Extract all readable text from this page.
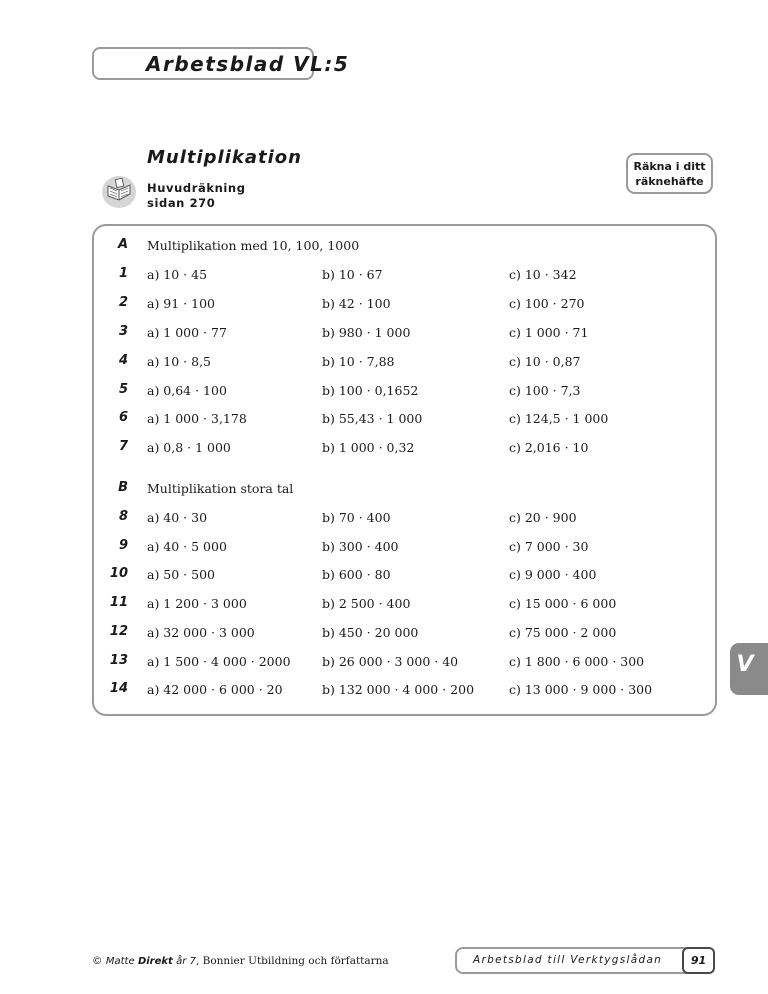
Arbetsblad VL:5
Multiplikation
Huvudräkning
sidan 270
Räkna i ditt
räknehäfte
A Multiplikation med 10, 100, 1000
1 a) 10 · 45	b) 10 · 67	c) 10 · 342
2 a) 91 · 100	b) 42 · 100	c) 100 · 270
3 a) 1 000 · 77	b) 980 · 1 000	c) 1 000 · 71
4 a) 10 · 8,5	b) 10 · 7,88	c) 10 · 0,87
5 a) 0,64 · 100	b) 100 · 0,1652	c) 100 · 7,3
6 a) 1 000 · 3,178	b) 55,43 · 1 000	c) 124,5 · 1 000
7 a) 0,8 · 1 000	b) 1 000 · 0,32	c) 2,016 · 10
B Multiplikation stora tal
8 a) 40 · 30	b) 70 · 400	c) 20 · 900
9 a) 40 · 5 000	b) 300 · 400	c) 7 000 · 30
10 a) 50 · 500	b) 600 · 80	c) 9 000 · 400
11 a) 1 200 · 3 000	b) 2 500 · 400	c) 15 000 · 6 000
12 a) 32 000 · 3 000	b) 450 · 20 000	c) 75 000 · 2 000
13 a) 1 500 · 4 000 · 2000	b) 26 000 · 3 000 · 40	c) 1 800 · 6 000 · 300
14 a) 42 000 · 6 000 · 20	b) 132 000 · 4 000 · 200	c) 13 000 · 9 000 · 300
V
© Matte Direkt år 7, Bonnier Utbildning och författarna	Arbetsblad till Verktygslådan	91
